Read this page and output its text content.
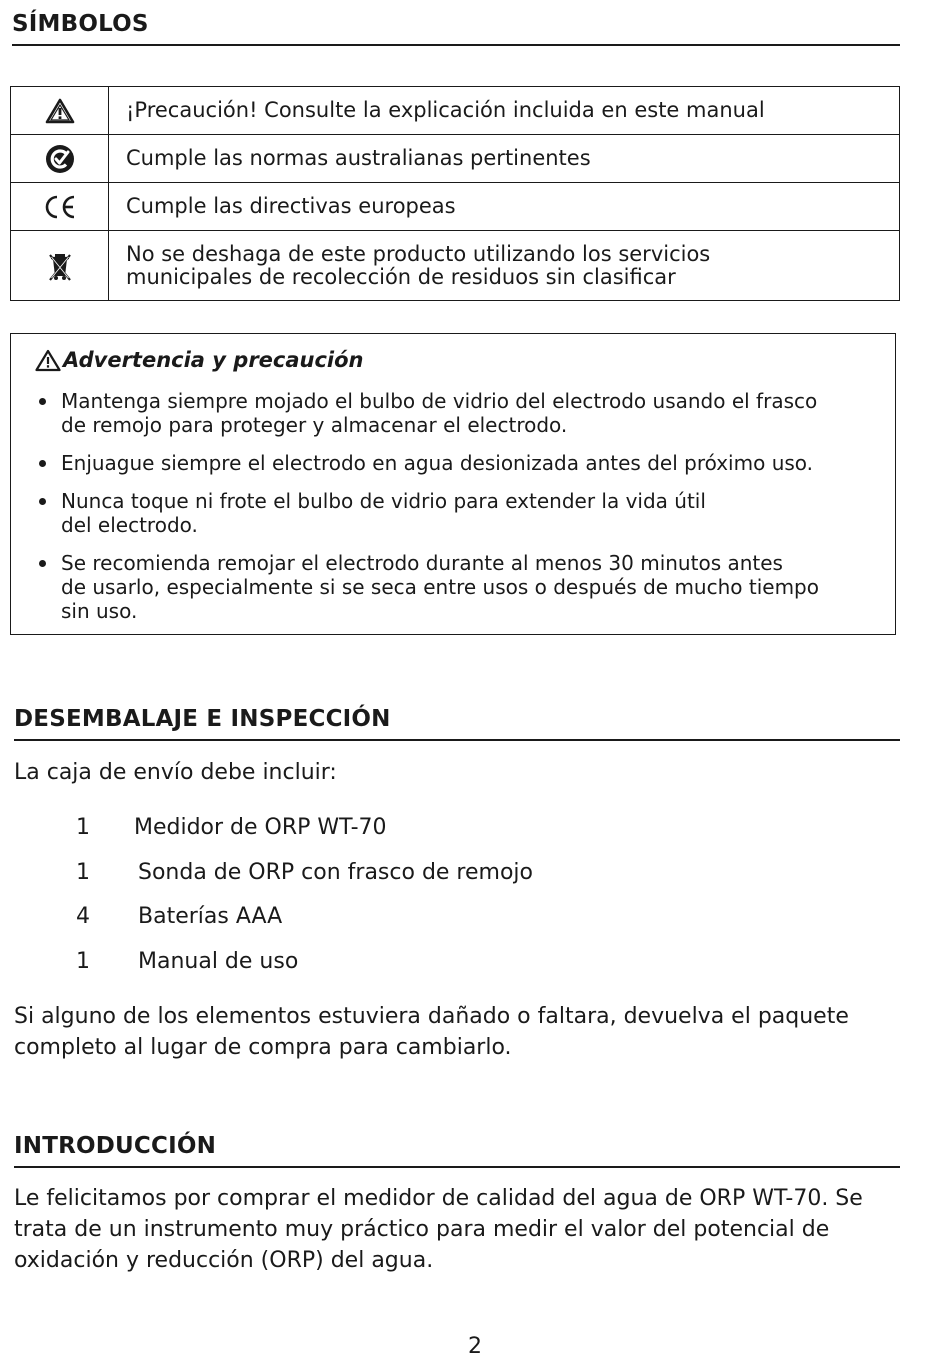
SÍMBOLOS
	¡Precaución! Consulte la explicación incluida en este manual

	Cumple las normas australianas pertinentes

	Cumple las directivas europeas

No se deshaga de este producto utilizando los servicios
municipales de recolección de residuos sin clasificar
Advertencia y precaución
Mantenga siempre mojado el bulbo de vidrio del electrodo usando el frasco
de remojo para proteger y almacenar el electrodo.
Enjuague siempre el electrodo en agua desionizada antes del próximo uso.
Nunca toque ni frote el bulbo de vidrio para extender la vida útil
del electrodo.
Se recomienda remojar el electrodo durante al menos 30 minutos antes
de usarlo, especialmente si se seca entre usos o después de mucho tiempo
sin uso.
DESEMBALAJE E INSPECCIÓN
La caja de envío debe incluir:
1 Medidor de ORP WT-70
1 Sonda de ORP con frasco de remojo
4 Baterías AAA
1 Manual de uso
Si alguno de los elementos estuviera dañado o faltara, devuelva el paquete
completo al lugar de compra para cambiarlo.
INTRODUCCIÓN
Le felicitamos por comprar el medidor de calidad del agua de ORP WT-70. Se
trata de un instrumento muy práctico para medir el valor del potencial de
oxidación y reducción (ORP) del agua.
2
